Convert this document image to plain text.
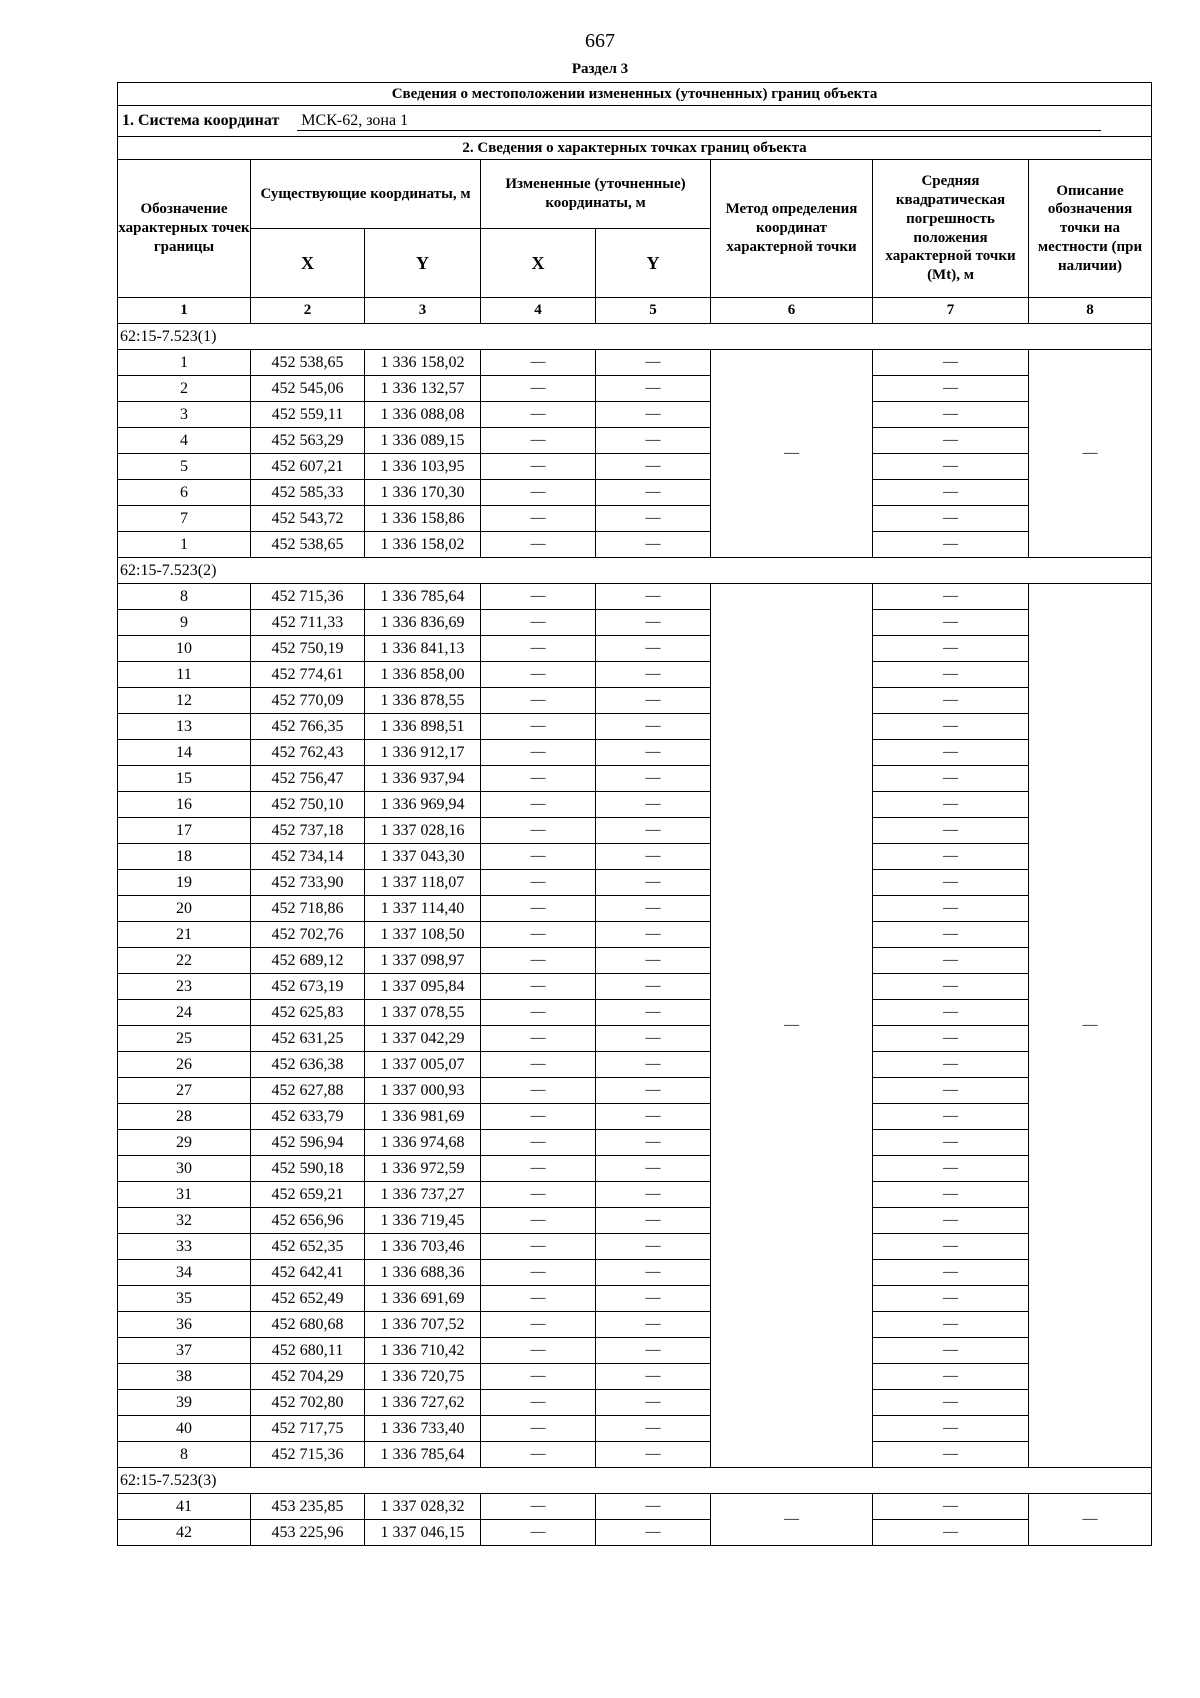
667
Раздел 3
Сведения о местоположении измененных (уточненных) границ объекта							
1. Система координат МСК-62, зона 1							
2. Сведения о характерных точках границ объекта							
Обозначение характерных точек границы	Существующие координаты, м		Измененные (уточненные) координаты, м		Метод определения координат характерной точки	Средняя квадратическая погрешность положения характерной точки (Mt), м	Описание обозначения точки на местности (при наличии)
	X	Y	X	Y			
1	2	3	4	5	6	7	8
62:15-7.523(1)							
1	452 538,65	1 336 158,02	—	—	—	—	—
2	452 545,06	1 336 132,57	—	—		—	
3	452 559,11	1 336 088,08	—	—		—	
4	452 563,29	1 336 089,15	—	—		—	
5	452 607,21	1 336 103,95	—	—		—	
6	452 585,33	1 336 170,30	—	—		—	
7	452 543,72	1 336 158,86	—	—		—	
1	452 538,65	1 336 158,02	—	—		—	
62:15-7.523(2)							
8	452 715,36	1 336 785,64	—	—	—	—	—
9	452 711,33	1 336 836,69	—	—		—	
10	452 750,19	1 336 841,13	—	—		—	
11	452 774,61	1 336 858,00	—	—		—	
12	452 770,09	1 336 878,55	—	—		—	
13	452 766,35	1 336 898,51	—	—		—	
14	452 762,43	1 336 912,17	—	—		—	
15	452 756,47	1 336 937,94	—	—		—	
16	452 750,10	1 336 969,94	—	—		—	
17	452 737,18	1 337 028,16	—	—		—	
18	452 734,14	1 337 043,30	—	—		—	
19	452 733,90	1 337 118,07	—	—		—	
20	452 718,86	1 337 114,40	—	—		—	
21	452 702,76	1 337 108,50	—	—		—	
22	452 689,12	1 337 098,97	—	—		—	
23	452 673,19	1 337 095,84	—	—		—	
24	452 625,83	1 337 078,55	—	—		—	
25	452 631,25	1 337 042,29	—	—		—	
26	452 636,38	1 337 005,07	—	—		—	
27	452 627,88	1 337 000,93	—	—		—	
28	452 633,79	1 336 981,69	—	—		—	
29	452 596,94	1 336 974,68	—	—		—	
30	452 590,18	1 336 972,59	—	—		—	
31	452 659,21	1 336 737,27	—	—		—	
32	452 656,96	1 336 719,45	—	—		—	
33	452 652,35	1 336 703,46	—	—		—	
34	452 642,41	1 336 688,36	—	—		—	
35	452 652,49	1 336 691,69	—	—		—	
36	452 680,68	1 336 707,52	—	—		—	
37	452 680,11	1 336 710,42	—	—		—	
38	452 704,29	1 336 720,75	—	—		—	
39	452 702,80	1 336 727,62	—	—		—	
40	452 717,75	1 336 733,40	—	—		—	
8	452 715,36	1 336 785,64	—	—		—	
62:15-7.523(3)							
41	453 235,85	1 337 028,32	—	—	—	—	—
42	453 225,96	1 337 046,15	—	—		—	
